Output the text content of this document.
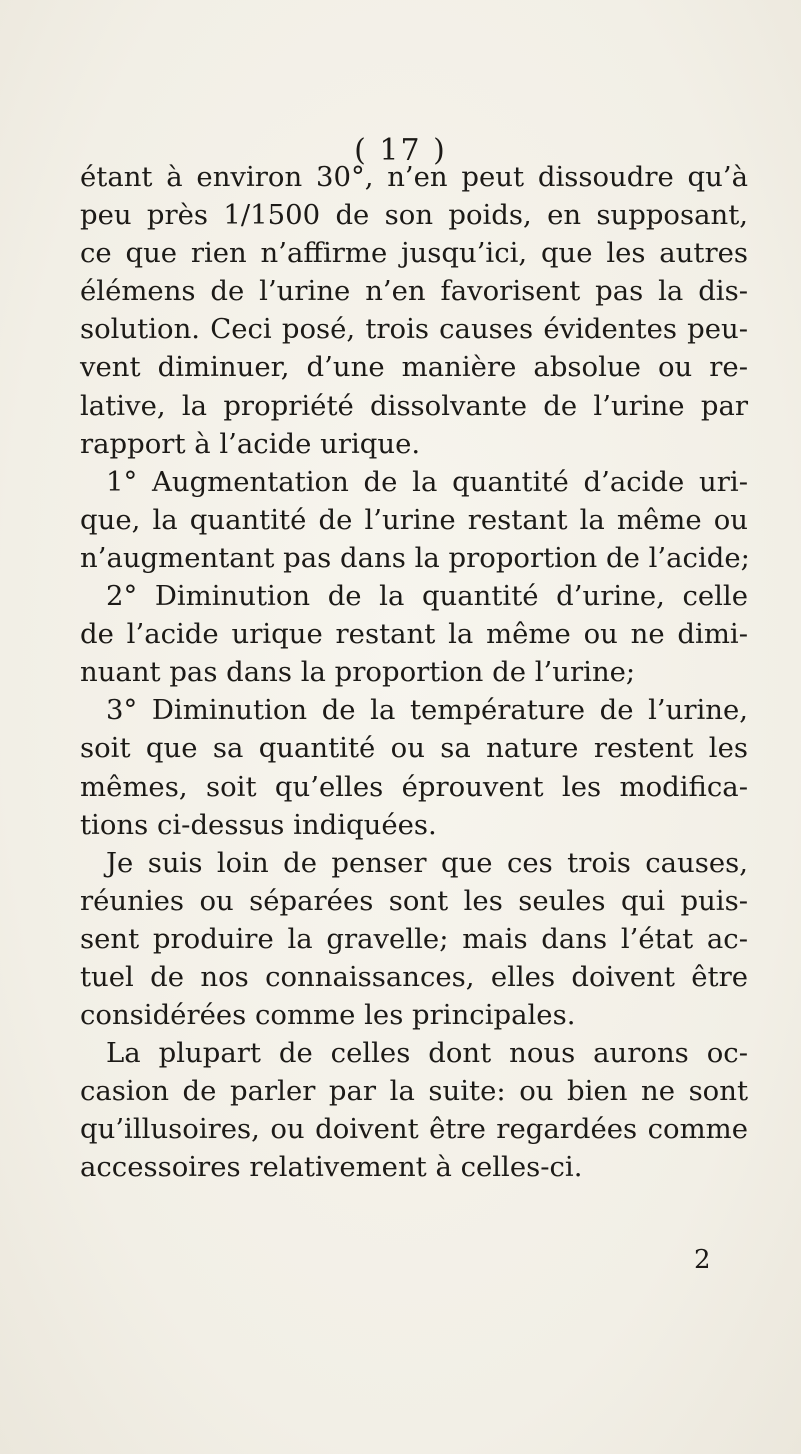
( 17 )
étant à environ 30°, n’en peut dissoudre qu’à
peu près 1/1500 de son poids, en supposant,
ce que rien n’affirme jusqu’ici, que les autres
élémens de l’urine n’en favorisent pas la dis-
solution. Ceci posé, trois causes évidentes peu-
vent diminuer, d’une manière absolue ou re-
lative, la propriété dissolvante de l’urine par
rapport à l’acide urique.
1° Augmentation de la quantité d’acide uri-
que, la quantité de l’urine restant la même ou
n’augmentant pas dans la proportion de l’acide;
2° Diminution de la quantité d’urine, celle
de l’acide urique restant la même ou ne dimi-
nuant pas dans la proportion de l’urine;
3° Diminution de la température de l’urine,
soit que sa quantité ou sa nature restent les
mêmes, soit qu’elles éprouvent les modifica-
tions ci-dessus indiquées.
Je suis loin de penser que ces trois causes,
réunies ou séparées sont les seules qui puis-
sent produire la gravelle; mais dans l’état ac-
tuel de nos connaissances, elles doivent être
considérées comme les principales.
La plupart de celles dont nous aurons oc-
casion de parler par la suite: ou bien ne sont
qu’illusoires, ou doivent être regardées comme
accessoires relativement à celles-ci.
2
